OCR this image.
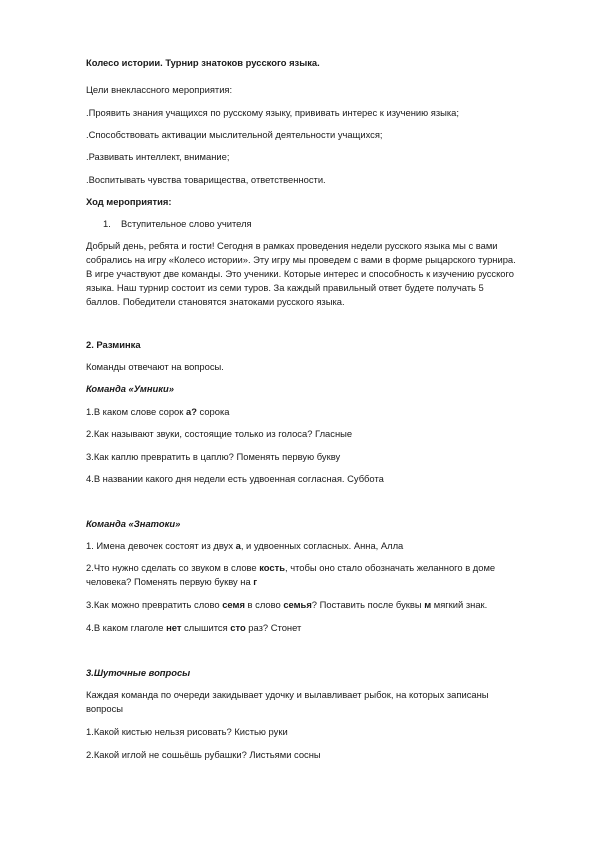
Колесо истории. Турнир знатоков русского языка.

Цели внеклассного мероприятия:

.Проявить знания учащихся по русскому языку, прививать интерес к изучению языка;

.Способствовать активации мыслительной деятельности учащихся;

.Развивать интеллект, внимание;

.Воспитывать чувства товарищества, ответственности.

Ход мероприятия:

1. Вступительное слово учителя

Добрый день, ребята и гости! Сегодня в рамках проведения недели русского языка мы с вами собрались на игру «Колесо истории». Эту игру мы проведем с вами в форме рыцарского турнира. В игре участвуют две команды. Это ученики. Которые интерес и способность к изучению русского языка. Наш турнир состоит из семи туров. За каждый правильный ответ будете получать 5 баллов. Победители становятся знатоками русского языка.

2. Разминка

Команды отвечают на вопросы.

Команда «Умники»

1.В каком слове сорок а? сорока

2.Как называют звуки, состоящие только из голоса? Гласные

3.Как каплю превратить в цаплю? Поменять первую букву

4.В названии какого дня недели есть удвоенная согласная. Суббота

Команда «Знатоки»

1. Имена девочек состоят из двух а, и удвоенных согласных. Анна, Алла

2.Что нужно сделать со звуком в слове кость, чтобы оно стало обозначать желанного в доме человека? Поменять первую букву на г

3.Как можно превратить слово семя в слово семья? Поставить после буквы м мягкий знак.

4.В каком глаголе нет слышится сто раз? Стонет

3.Шуточные вопросы

Каждая команда по очереди закидывает удочку и вылавливает рыбок, на которых записаны вопросы

1.Какой кистью нельзя рисовать? Кистью руки

2.Какой иглой не сошьёшь рубашки? Листьями сосны
